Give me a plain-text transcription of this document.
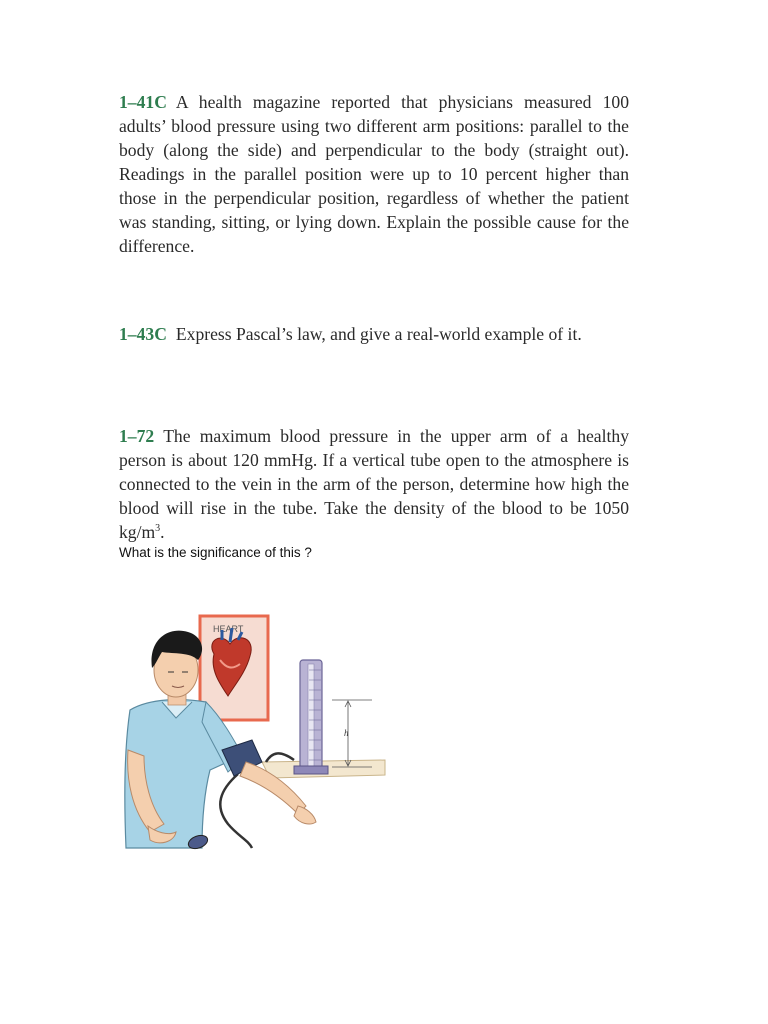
1–41C A health magazine reported that physicians measured 100 adults’ blood pressure using two different arm positions: parallel to the body (along the side) and perpendicular to the body (straight out). Readings in the parallel position were up to 10 percent higher than those in the perpendicular position, regardless of whether the patient was standing, sitting, or lying down. Explain the possible cause for the difference.
1–43C Express Pascal’s law, and give a real-world example of it.
1–72 The maximum blood pressure in the upper arm of a healthy person is about 120 mmHg. If a vertical tube open to the atmosphere is connected to the vein in the arm of the person, determine how high the blood will rise in the tube. Take the density of the blood to be 1050 $kg/m^3$.
What is the significance of this ?
HEART
h
